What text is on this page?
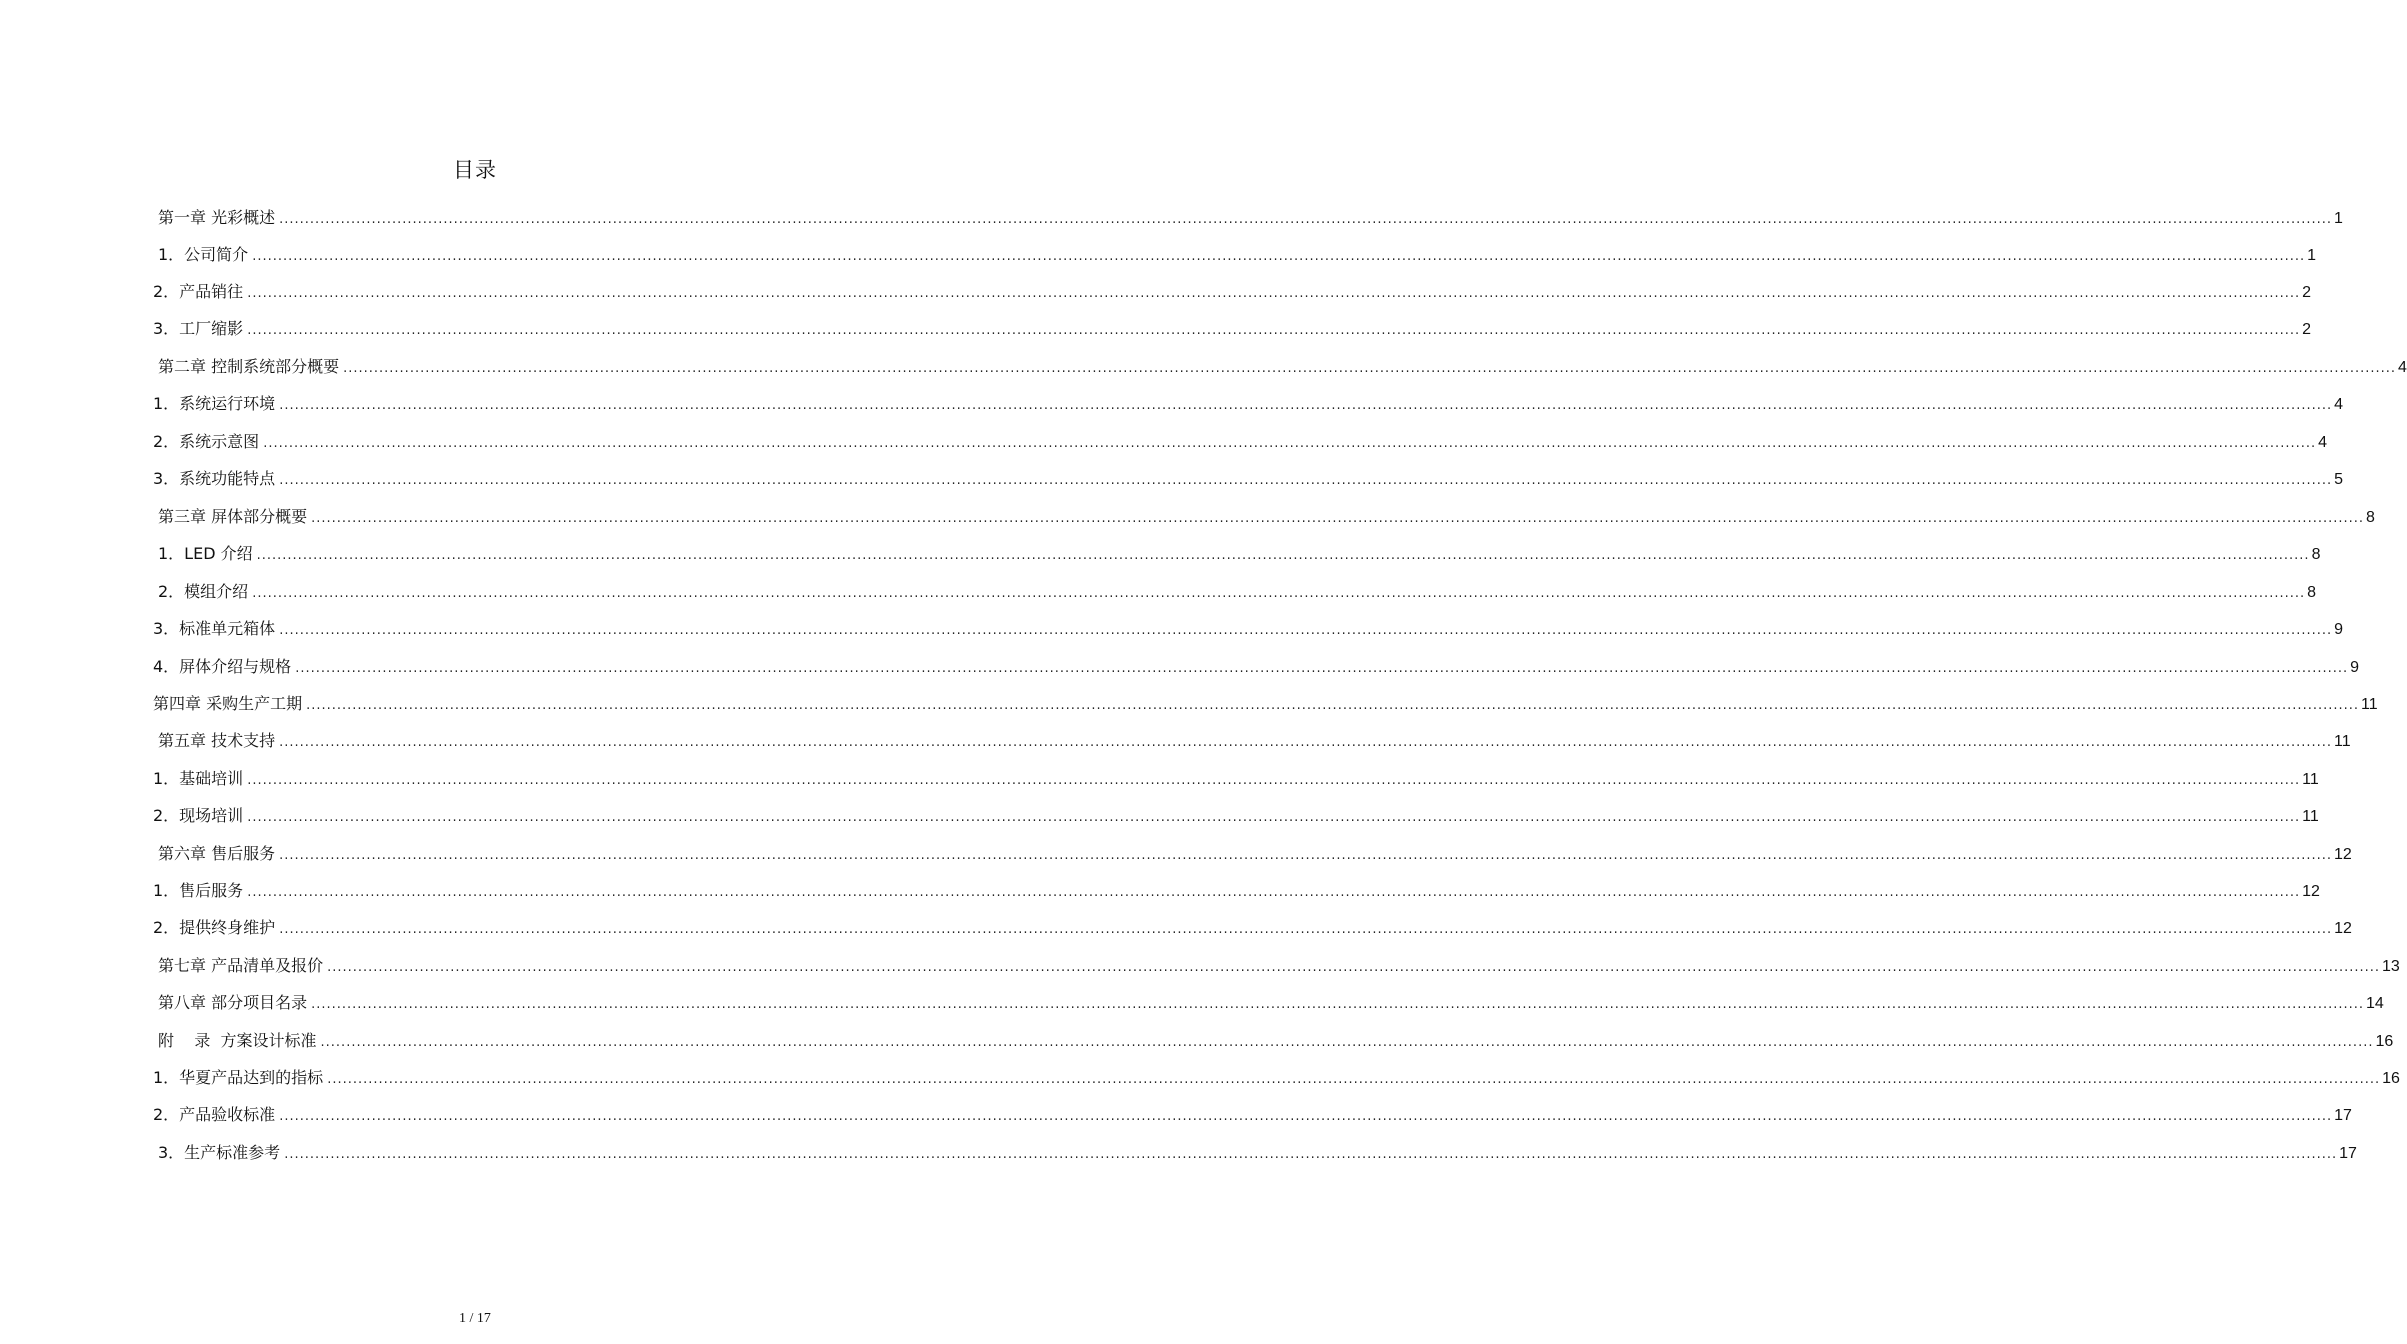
目录
第一章 光彩概述 ................................................................................................................................................................................................................................................................................................................................................................................................................ 1
1．公司简介 ................................................................................................................................................................................................................................................................................................................................................................................................................ 1
2．产品销往 ................................................................................................................................................................................................................................................................................................................................................................................................................ 2
3．工厂缩影 ................................................................................................................................................................................................................................................................................................................................................................................................................ 2
第二章 控制系统部分概要 ................................................................................................................................................................................................................................................................................................................................................................................................................ 4
1．系统运行环境 ................................................................................................................................................................................................................................................................................................................................................................................................................ 4
2．系统示意图 ................................................................................................................................................................................................................................................................................................................................................................................................................ 4
3．系统功能特点 ................................................................................................................................................................................................................................................................................................................................................................................................................ 5
第三章 屏体部分概要 ................................................................................................................................................................................................................................................................................................................................................................................................................ 8
1．LED 介绍 ................................................................................................................................................................................................................................................................................................................................................................................................................ 8
2．模组介绍 ................................................................................................................................................................................................................................................................................................................................................................................................................ 8
3．标准单元箱体 ................................................................................................................................................................................................................................................................................................................................................................................................................ 9
4．屏体介绍与规格 ................................................................................................................................................................................................................................................................................................................................................................................................................ 9
第四章 采购生产工期 ................................................................................................................................................................................................................................................................................................................................................................................................................ 11
第五章 技术支持 ................................................................................................................................................................................................................................................................................................................................................................................................................ 11
1．基础培训 ................................................................................................................................................................................................................................................................................................................................................................................................................ 11
2．现场培训 ................................................................................................................................................................................................................................................................................................................................................................................................................ 11
第六章 售后服务 ................................................................................................................................................................................................................................................................................................................................................................................................................ 12
1．售后服务 ................................................................................................................................................................................................................................................................................................................................................................................................................ 12
2．提供终身维护 ................................................................................................................................................................................................................................................................................................................................................................................................................ 12
第七章 产品清单及报价 ................................................................................................................................................................................................................................................................................................................................................................................................................ 13
第八章 部分项目名录 ................................................................................................................................................................................................................................................................................................................................................................................................................ 14
附    录  方案设计标准 ................................................................................................................................................................................................................................................................................................................................................................................................................ 16
1．华夏产品达到的指标 ................................................................................................................................................................................................................................................................................................................................................................................................................ 16
2．产品验收标准 ................................................................................................................................................................................................................................................................................................................................................................................................................ 17
3．生产标准参考 ................................................................................................................................................................................................................................................................................................................................................................................................................ 17
1 / 17
